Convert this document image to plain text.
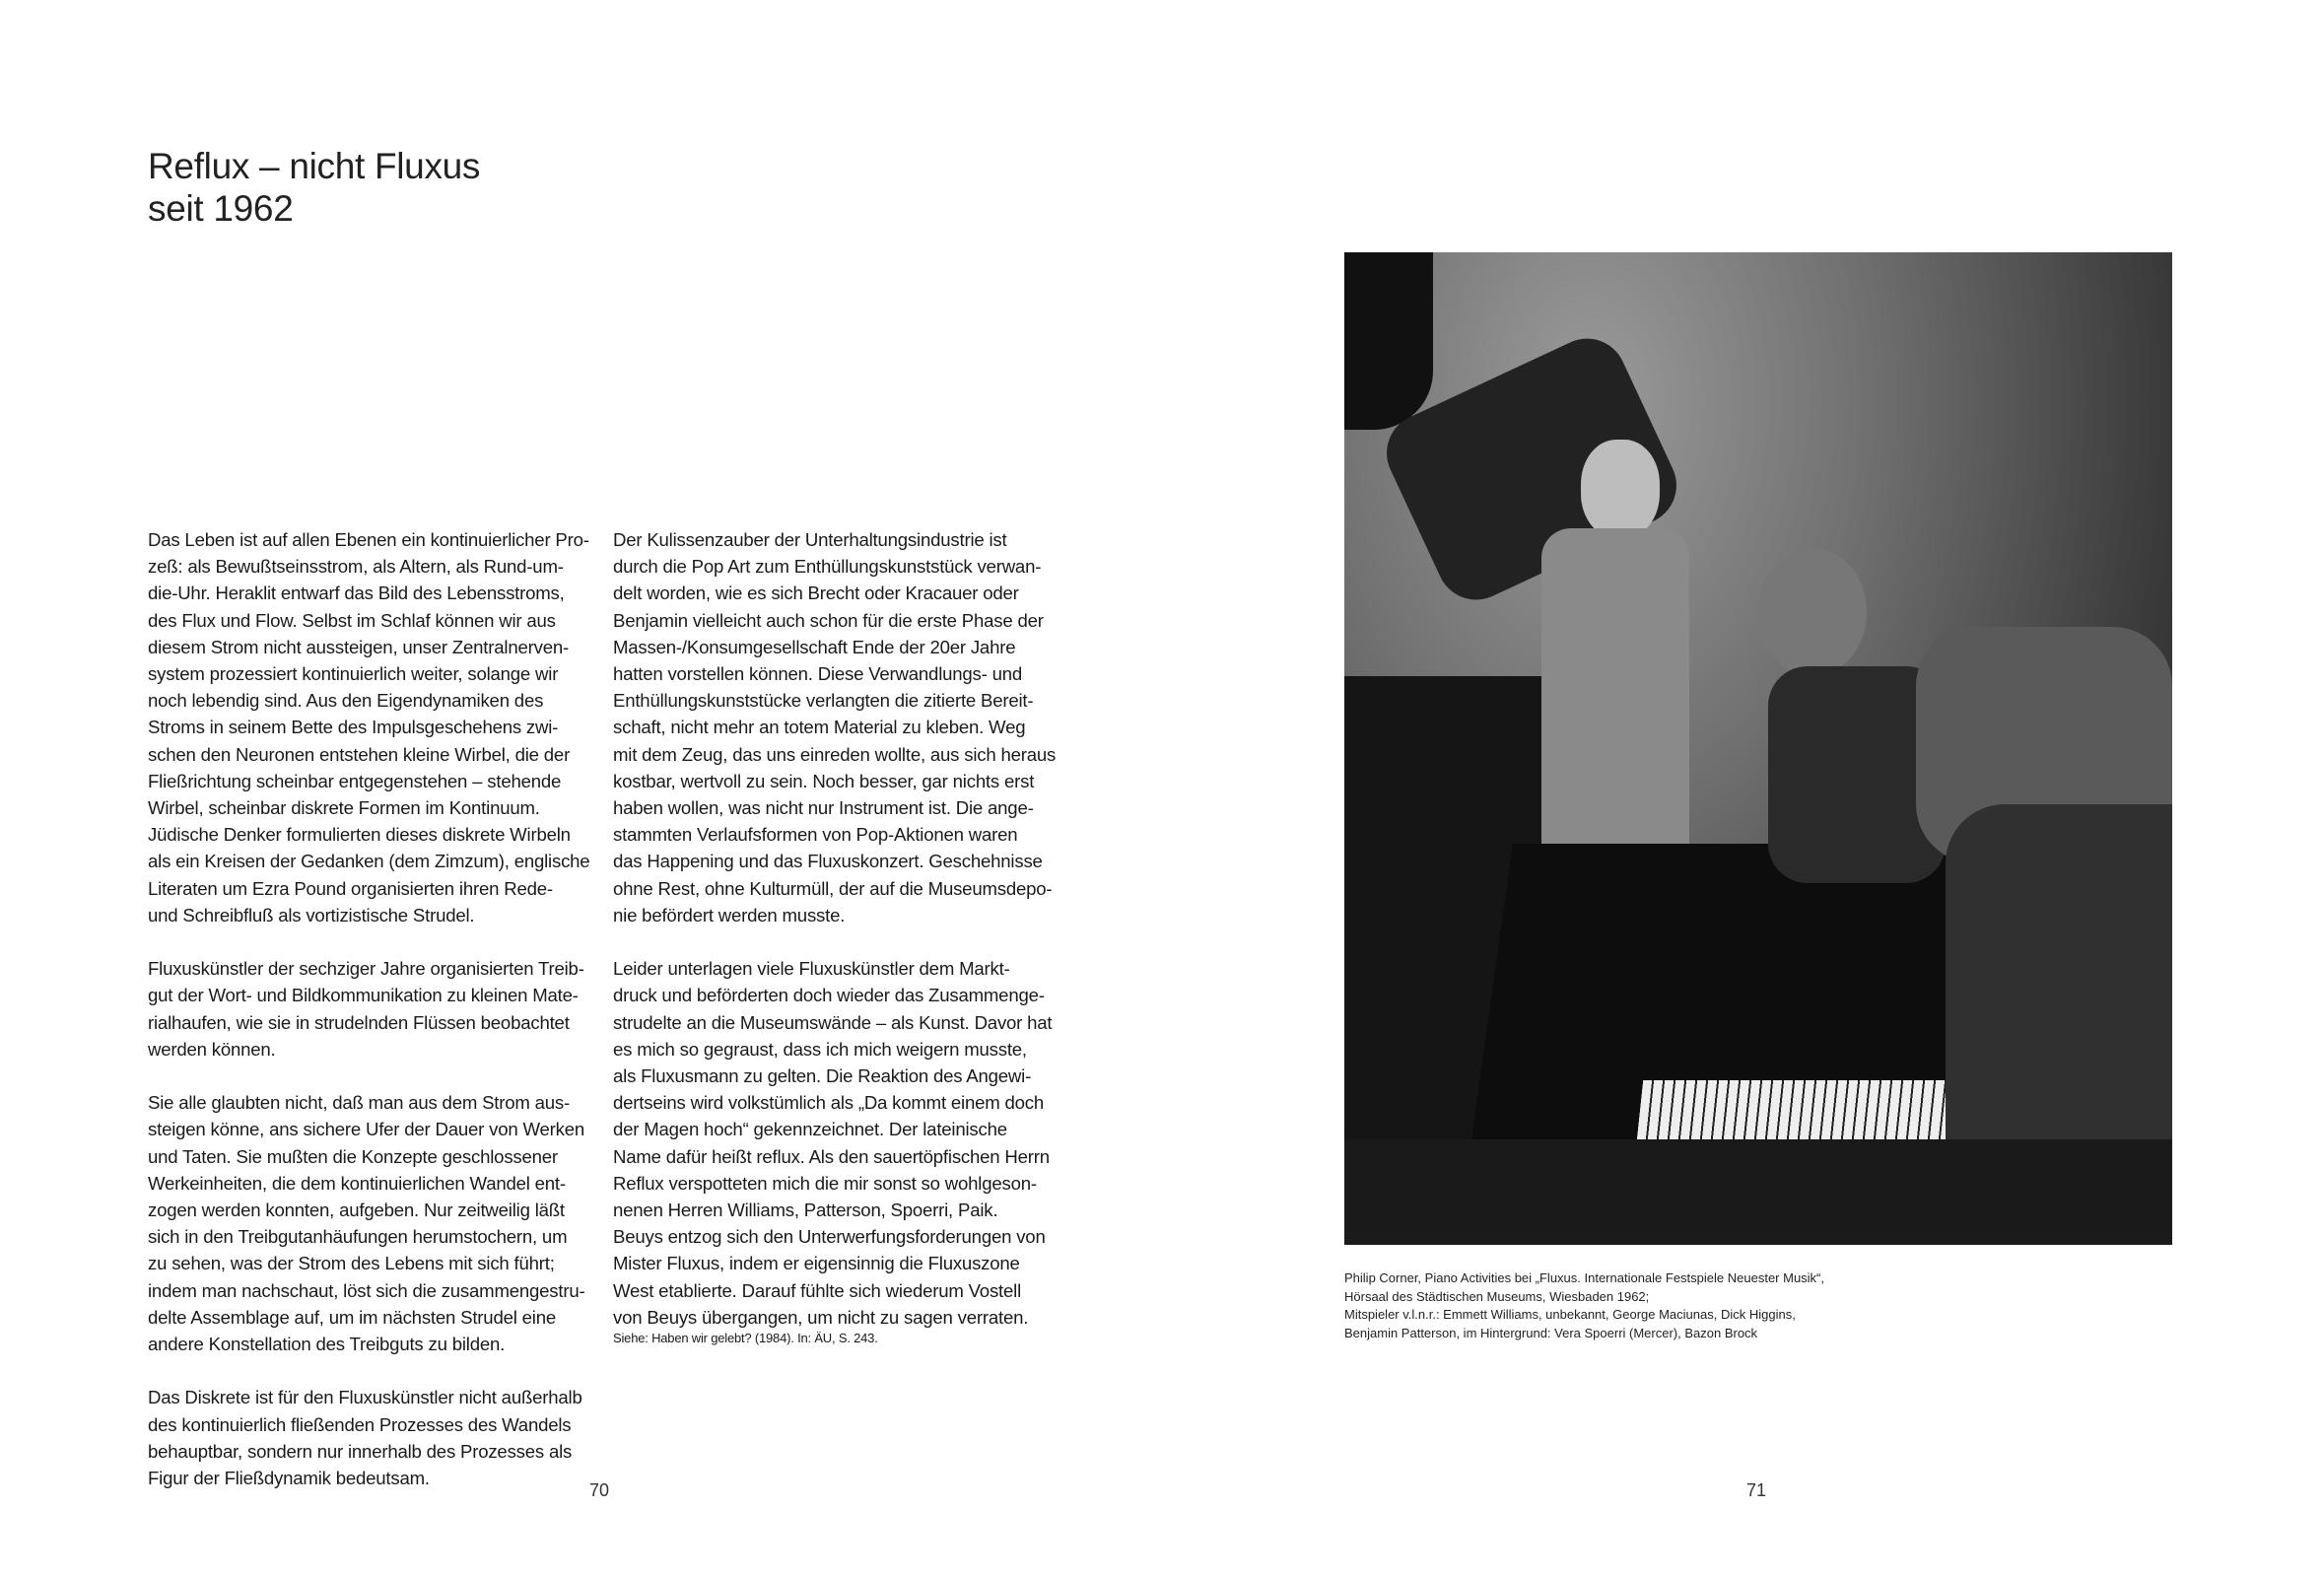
Reflux – nicht Fluxus
seit 1962
Das Leben ist auf allen Ebenen ein kontinuierlicher Pro-
zeß: als Bewußtseinsstrom, als Altern, als Rund-um-
die-Uhr. Heraklit entwarf das Bild des Lebensstroms,
des Flux und Flow. Selbst im Schlaf können wir aus
diesem Strom nicht aussteigen, unser Zentralnerven-
system prozessiert kontinuierlich weiter, solange wir
noch lebendig sind. Aus den Eigendynamiken des
Stroms in seinem Bette des Impulsgeschehens zwi-
schen den Neuronen entstehen kleine Wirbel, die der
Fließrichtung scheinbar entgegenstehen – stehende
Wirbel, scheinbar diskrete Formen im Kontinuum.
Jüdische Denker formulierten dieses diskrete Wirbeln
als ein Kreisen der Gedanken (dem Zimzum), englische
Literaten um Ezra Pound organisierten ihren Rede-
und Schreibfluß als vortizistische Strudel.
Fluxuskünstler der sechziger Jahre organisierten Treib-
gut der Wort- und Bildkommunikation zu kleinen Mate-
rialhaufen, wie sie in strudelnden Flüssen beobachtet
werden können.
Sie alle glaubten nicht, daß man aus dem Strom aus-
steigen könne, ans sichere Ufer der Dauer von Werken
und Taten. Sie mußten die Konzepte geschlossener
Werkeinheiten, die dem kontinuierlichen Wandel ent-
zogen werden konnten, aufgeben. Nur zeitweilig läßt
sich in den Treibgutanhäufungen herumstochern, um
zu sehen, was der Strom des Lebens mit sich führt;
indem man nachschaut, löst sich die zusammengestru-
delte Assemblage auf, um im nächsten Strudel eine
andere Konstellation des Treibguts zu bilden.
Das Diskrete ist für den Fluxuskünstler nicht außerhalb
des kontinuierlich fließenden Prozesses des Wandels
behauptbar, sondern nur innerhalb des Prozesses als
Figur der Fließdynamik bedeutsam.
Der Kulissenzauber der Unterhaltungsindustrie ist
durch die Pop Art zum Enthüllungskunststück verwan-
delt worden, wie es sich Brecht oder Kracauer oder
Benjamin vielleicht auch schon für die erste Phase der
Massen-/Konsumgesellschaft Ende der 20er Jahre
hatten vorstellen können. Diese Verwandlungs- und
Enthüllungskunststücke verlangten die zitierte Bereit-
schaft, nicht mehr an totem Material zu kleben. Weg
mit dem Zeug, das uns einreden wollte, aus sich heraus
kostbar, wertvoll zu sein. Noch besser, gar nichts erst
haben wollen, was nicht nur Instrument ist. Die ange-
stammten Verlaufsformen von Pop-Aktionen waren
das Happening und das Fluxuskonzert. Geschehnisse
ohne Rest, ohne Kulturmüll, der auf die Museumsdepo-
nie befördert werden musste.
Leider unterlagen viele Fluxuskünstler dem Markt-
druck und beförderten doch wieder das Zusammenge-
strudelte an die Museumswände – als Kunst. Davor hat
es mich so gegraust, dass ich mich weigern musste,
als Fluxusmann zu gelten. Die Reaktion des Angewi-
dertseins wird volkstümlich als „Da kommt einem doch
der Magen hoch“ gekennzeichnet. Der lateinische
Name dafür heißt reflux. Als den sauertöpfischen Herrn
Reflux verspotteten mich die mir sonst so wohlgeson-
nenen Herren Williams, Patterson, Spoerri, Paik.
Beuys entzog sich den Unterwerfungsforderungen von
Mister Fluxus, indem er eigensinnig die Fluxuszone
West etablierte. Darauf fühlte sich wiederum Vostell
von Beuys übergangen, um nicht zu sagen verraten.
Siehe: Haben wir gelebt? (1984). In: ÄU, S. 243.
Philip Corner, Piano Activities bei „Fluxus. Internationale Festspiele Neuester Musik“,
Hörsaal des Städtischen Museums, Wiesbaden 1962;
Mitspieler v.l.n.r.: Emmett Williams, unbekannt, George Maciunas, Dick Higgins,
Benjamin Patterson, im Hintergrund: Vera Spoerri (Mercer), Bazon Brock
70	71
